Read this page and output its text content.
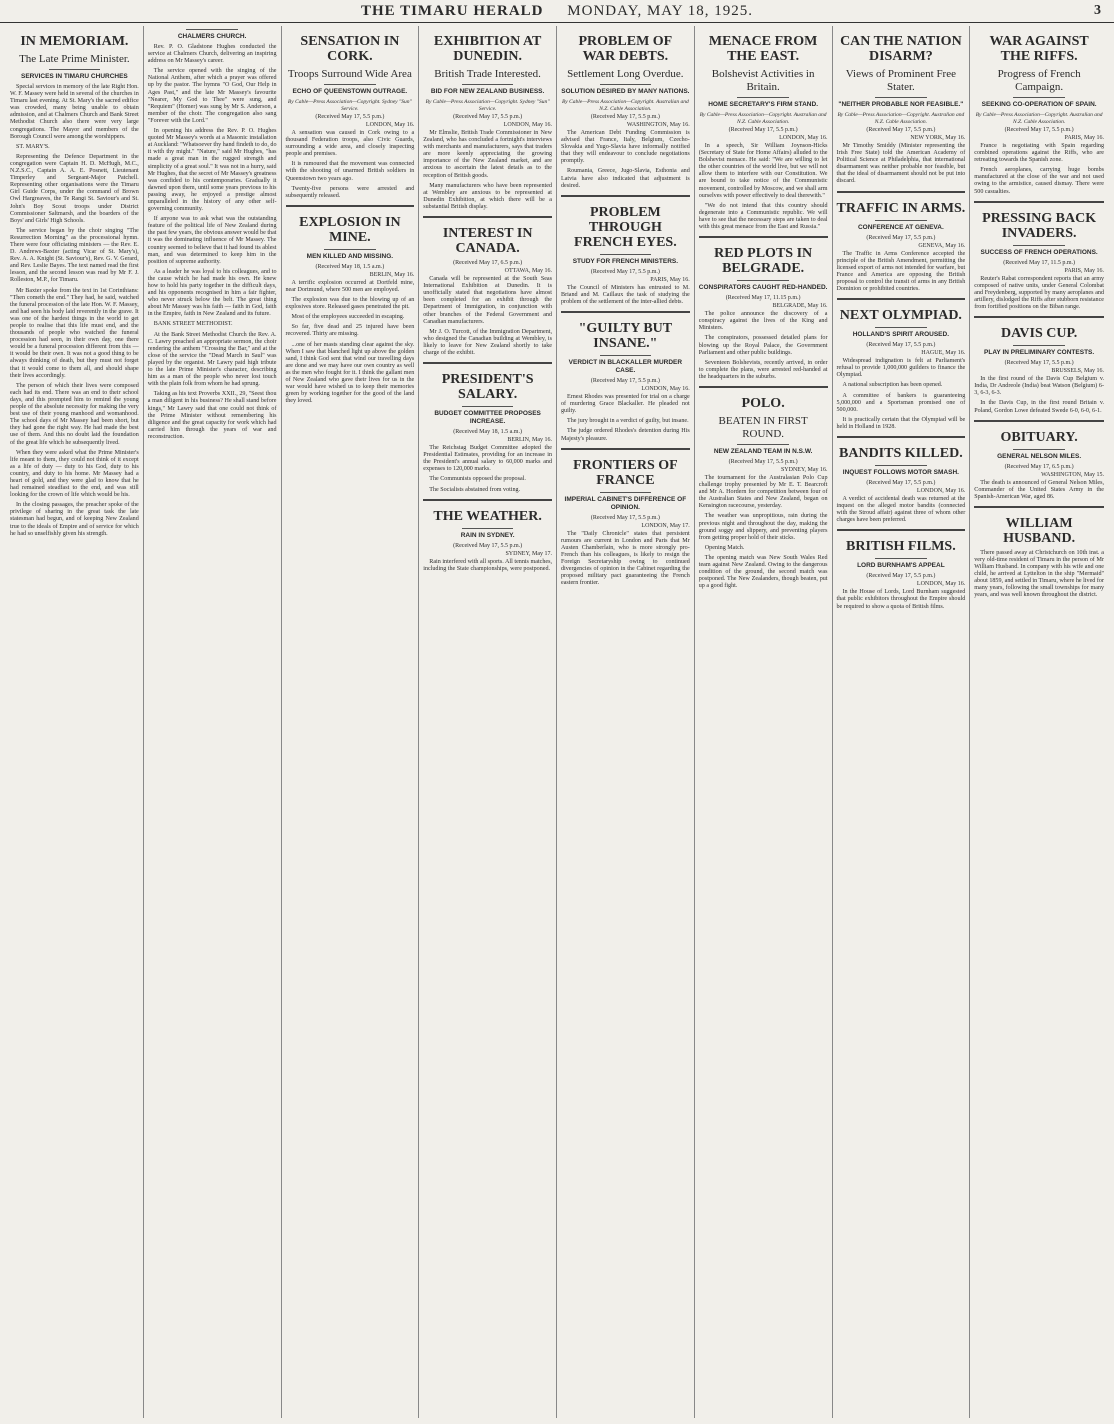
THE TIMARU HERALD MONDAY, MAY 18, 1925.	3
IN MEMORIAM.
The Late Prime Minister.
SERVICES IN TIMARU CHURCHES

Special services in memory of the late Right Hon. W. F. Massey were held in several of the churches in Timaru last evening. At St. Mary's the sacred edifice was crowded, many being unable to obtain admission, and at Chalmers Church and Bank Street Methodist Church also there were very large congregations. The Mayor and members of the Borough Council were among the worshippers.

ST. MARY'S.

Representing the Defence Department in the congregation were Captain H. D. McHugh, M.C., N.Z.S.C., Captain A. A. E. Posnett, Lieutenant Timperley and Sergeant-Major Patchell. Representing other organisations were the Timaru Girl Guide Corps, under the command of Brown Owl Hargreaves, the Te Rangi St. Saviour's and St. John's Boy Scout troops under District Commissioner Saltmarsh, and the boarders of the Boys' and Girls' High Schools.

The service began by the choir singing "The Resurrection Morning" as the processional hymn. There were four officiating ministers — the Rev. E. D. Andrews-Baxter (acting Vicar of St. Mary's), Rev. A. A. Knight (St. Saviour's), Rev. G. V. Gerard, and Rev. Leslie Bayes. The text named read the first lesson, and the second lesson was read by Mr F. J. Rolleston, M.P., for Timaru.

Mr Baxter spoke from the text in 1st Corinthians: "Then cometh the end." They had, he said, watched the funeral procession of the late Hon. W. F. Massey, and had seen his body laid reverently in the grave. It was one of the hardest things in the world to get people to realise that this life must end, and the thousands of people who watched the funeral procession had seen, in their own day, one there would be a funeral procession different from this — it would be their own. It was not a good thing to be always thinking of death, but they must not forget that it would come to them all, and should shape their lives accordingly.

The person of which their lives were composed each had its end. There was an end to their school days, and this prompted him to remind the young people of the absolute necessity for making the very best use of their young manhood and womanhood. The school days of Mr Massey had been short, but they had gone the right way. He had made the best use of them. And this no doubt laid the foundation of the great life which he subsequently lived.

When they were asked what the Prime Minister's life meant to them, they could not think of it except as a life of duty — duty to his God, duty to his country, and duty to his home. Mr Massey had a heart of gold, and they were glad to know that he had remained steadfast to the end, and was still looking for the crown of life which would be his.

In the closing passages, the preacher spoke of the privilege of sharing in the great task the late statesman had begun, and of keeping New Zealand true to the ideals of Empire and of service for which he had so unselfishly given his strength.

CHALMERS CHURCH.

Rev. P. O. Gladstone Hughes conducted the service at Chalmers Church, delivering an inspiring address on Mr Massey's career.

The service opened with the singing of the National Anthem, after which a prayer was offered up by the pastor. The hymns "O God, Our Help in Ages Past," and the late Mr Massey's favourite "Nearer, My God to Thee" were sung, and "Requiem" (Homer) was sung by Mr S. Anderson, a member of the choir. The congregation also sang "Forever with the Lord."

In opening his address the Rev. P. O. Hughes quoted Mr Massey's words at a Masonic installation at Auckland: "Whatsoever thy hand findeth to do, do it with thy might." "Nature," said Mr Hughes, "has made a great man in the rugged strength and simplicity of a great soul." It was not in a hurry, said Mr Hughes, that the secret of Mr Massey's greatness was confided to his contemporaries. Gradually it dawned upon them, until some years previous to his passing away, he enjoyed a prestige almost unparalleled in the history of any other self-governing community.

If anyone was to ask what was the outstanding feature of the political life of New Zealand during the past few years, the obvious answer would be that it was the dominating influence of Mr Massey. The country seemed to believe that it had found its ablest man, and was determined to keep him in the position of supreme authority.

As a leader he was loyal to his colleagues, and to the cause which he had made his own. He knew how to hold his party together in the difficult days, and his opponents recognised in him a fair fighter, who never struck below the belt. The great thing about Mr Massey was his faith — faith in God, faith in the Empire, faith in New Zealand and its future.

BANK STREET METHODIST.

At the Bank Street Methodist Church the Rev. A. C. Lawry preached an appropriate sermon, the choir rendering the anthem "Crossing the Bar," and at the close of the service the "Dead March in Saul" was played by the organist. Mr Lawry paid high tribute to the late Prime Minister's character, describing him as a man of the people who never lost touch with the plain folk from whom he had sprung.

Taking as his text Proverbs XXII., 29, "Seest thou a man diligent in his business? He shall stand before kings," Mr Lawry said that one could not think of the Prime Minister without remembering his diligence and the great capacity for work which had carried him through the years of war and reconstruction.

SENSATION IN CORK.
Troops Surround Wide Area
ECHO OF QUEENSTOWN OUTRAGE.
By Cable—Press Association—Copyright. Sydney "Sun" Service.
(Received May 17, 5.5 p.m.)
LONDON, May 16.

A sensation was caused in Cork owing to a thousand Federation troops, also Civic Guards, surrounding a wide area, and closely inspecting people and premises.

It is rumoured that the movement was connected with the shooting of unarmed British soldiers in Queenstown two years ago.

Twenty-five persons were arrested and subsequently released.

EXPLOSION IN MINE.
MEN KILLED AND MISSING.
(Received May 18, 1.5 a.m.)
BERLIN, May 16.

A terrific explosion occurred at Dortfeld mine, near Dortmund, where 500 men are employed.

The explosion was due to the blowing up of an explosives store. Released gases penetrated the pit.

Most of the employees succeeded in escaping.

So far, five dead and 25 injured have been recovered. Thirty are missing.

...one of her masts standing clear against the sky. When I saw that blanched light up above the golden sand, I think God sent that wind our travelling days are done and we may have our own country as well as the men who fought for it. I think the gallant men of New Zealand who gave their lives for us in the war would have wished us to keep their memories green by working together for the good of the land they loved.

EXHIBITION AT DUNEDIN.
British Trade Interested.
BID FOR NEW ZEALAND BUSINESS.
By Cable—Press Association—Copyright. Sydney "Sun" Service.
(Received May 17, 5.5 p.m.)
LONDON, May 16.

Mr Elmslie, British Trade Commissioner in New Zealand, who has concluded a fortnight's interviews with merchants and manufacturers, says that traders are more keenly appreciating the growing importance of the New Zealand market, and are anxious to ascertain the latest details as to the reception of British goods.

Many manufacturers who have been represented at Wembley are anxious to be represented at Dunedin Exhibition, at which there will be a substantial British display.

INTEREST IN CANADA.
(Received May 17, 6.5 p.m.)
OTTAWA, May 16.

Canada will be represented at the South Seas International Exhibition at Dunedin. It is unofficially stated that negotiations have almost been completed for an exhibit through the Department of Immigration, in conjunction with other branches of the Federal Government and Canadian manufacturers.

Mr J. O. Turcott, of the Immigration Department, who designed the Canadian building at Wembley, is likely to leave for New Zealand shortly to take charge of the exhibit.

PRESIDENT'S SALARY.
BUDGET COMMITTEE PROPOSES INCREASE.
(Received May 18, 1.5 a.m.)
BERLIN, May 16.

The Reichstag Budget Committee adopted the Presidential Estimates, providing for an increase in the President's annual salary to 60,000 marks and expenses to 120,000 marks.

The Communists opposed the proposal.

The Socialists abstained from voting.

THE WEATHER.
RAIN IN SYDNEY.
(Received May 17, 5.5 p.m.)
SYDNEY, May 17.

Rain interfered with all sports. All tennis matches, including the State championships, were postponed.

PROBLEM OF WAR DEBTS.
Settlement Long Overdue.
SOLUTION DESIRED BY MANY NATIONS.
By Cable—Press Association—Copyright. Australian and N.Z. Cable Association.
(Received May 17, 5.5 p.m.)
WASHINGTON, May 16.

The American Debt Funding Commission is advised that France, Italy, Belgium, Czecho-Slovakia and Yugo-Slavia have informally notified that they will endeavour to conclude negotiations promptly.

Roumania, Greece, Jugo-Slavia, Esthonia and Latvia have also indicated that adjustment is desired.

PROBLEM THROUGH FRENCH EYES.
STUDY FOR FRENCH MINISTERS.
(Received May 17, 5.5 p.m.)
PARIS, May 16.

The Council of Ministers has entrusted to M. Briand and M. Caillaux the task of studying the problem of the settlement of the inter-allied debts.

"GUILTY BUT INSANE."
VERDICT IN BLACKALLER MURDER CASE.
(Received May 17, 5.5 p.m.)
LONDON, May 16.

Ernest Rhodes was presented for trial on a charge of murdering Grace Blackaller. He pleaded not guilty.

The jury brought in a verdict of guilty, but insane.

The judge ordered Rhodes's detention during His Majesty's pleasure.

FRONTIERS OF FRANCE
IMPERIAL CABINET'S DIFFERENCE OF OPINION.
(Received May 17, 5.5 p.m.)
LONDON, May 17.

The "Daily Chronicle" states that persistent rumours are current in London and Paris that Mr Austen Chamberlain, who is more strongly pro-French than his colleagues, is likely to resign the Foreign Secretaryship owing to continued divergencies of opinion in the Cabinet regarding the proposed military pact guaranteeing the French eastern frontier.

MENACE FROM THE EAST.
Bolshevist Activities in Britain.
HOME SECRETARY'S FIRM STAND.
By Cable—Press Association—Copyright. Australian and N.Z. Cable Association.
(Received May 17, 5.5 p.m.)
LONDON, May 16.

In a speech, Sir William Joynson-Hicks (Secretary of State for Home Affairs) alluded to the Bolshevist menace. He said: "We are willing to let the other countries of the world live, but we will not allow them to interfere with our Constitution. We are bound to take notice of the Communistic movement, controlled by Moscow, and we shall arm ourselves with power effectively to deal therewith."

"We do not intend that this country should degenerate into a Communistic republic. We will have to see that the necessary steps are taken to deal with this great menace from the East and Russia."

RED PLOTS IN BELGRADE.
CONSPIRATORS CAUGHT RED-HANDED.
(Received May 17, 11.15 p.m.)
BELGRADE, May 16.

The police announce the discovery of a conspiracy against the lives of the King and Ministers.

The conspirators, possessed detailed plans for blowing up the Royal Palace, the Government Parliament and other public buildings.

Seventeen Bolshevists, recently arrived, in order to complete the plans, were arrested red-handed at the headquarters in the suburbs.

POLO.
BEATEN IN FIRST ROUND.
NEW ZEALAND TEAM IN N.S.W.
(Received May 17, 5.5 p.m.)
SYDNEY, May 16.

The tournament for the Australasian Polo Cup challenge trophy presented by Mr E. T. Bearcroft and Mr A. Hordern for competition between four of the Australian States and New Zealand, began on Kensington racecourse, yesterday.

The weather was unpropitious, rain during the previous night and throughout the day, making the ground soggy and slippery, and preventing players from getting proper hold of their sticks.

Opening Match.

The opening match was New South Wales Red team against New Zealand. Owing to the dangerous condition of the ground, the second match was postponed. The New Zealanders, though beaten, put up a good fight.

CAN THE NATION DISARM?
Views of Prominent Free Stater.
"NEITHER PROBABLE NOR FEASIBLE."
By Cable—Press Association—Copyright. Australian and N.Z. Cable Association.
(Received May 17, 5.5 p.m.)
NEW YORK, May 16.

Mr Timothy Smiddy (Minister representing the Irish Free State) told the American Academy of Political Science at Philadelphia, that international disarmament was neither probable nor feasible, but that the ideal of disarmament should not be put into discard.

TRAFFIC IN ARMS.
CONFERENCE AT GENEVA.
(Received May 17, 5.5 p.m.)
GENEVA, May 16.

The Traffic in Arms Conference accepted the principle of the British Amendment, permitting the licensed export of arms not intended for warfare, but France and America are opposing the British proposal to control the transit of arms in any British Dominion or prohibited countries.

NEXT OLYMPIAD.
HOLLAND'S SPIRIT AROUSED.
(Received May 17, 5.5 p.m.)
HAGUE, May 16.

Widespread indignation is felt at Parliament's refusal to provide 1,000,000 guilders to finance the Olympiad.

A national subscription has been opened.

A committee of bankers is guaranteeing 5,000,000 and a Sportsman promised one of 500,000.

It is practically certain that the Olympiad will be held in Holland in 1928.

BANDITS KILLED.
INQUEST FOLLOWS MOTOR SMASH.
(Received May 17, 5.5 p.m.)
LONDON, May 16.

A verdict of accidental death was returned at the inquest on the alleged motor bandits (connected with the Stroud affair) against three of whom other charges have been preferred.

BRITISH FILMS.
LORD BURNHAM'S APPEAL
(Received May 17, 5.5 p.m.)
LONDON, May 16.

In the House of Lords, Lord Burnham suggested that public exhibitors throughout the Empire should be required to show a quota of British films.

WAR AGAINST THE RIFFS.
Progress of French Campaign.
SEEKING CO-OPERATION OF SPAIN.
By Cable—Press Association—Copyright. Australian and N.Z. Cable Association.
(Received May 17, 5.5 p.m.)
PARIS, May 16.

France is negotiating with Spain regarding combined operations against the Riffs, who are retreating towards the Spanish zone.

French aeroplanes, carrying huge bombs manufactured at the close of the war and not used owing to the armistice, caused dismay. There were 500 casualties.

PRESSING BACK INVADERS.
SUCCESS OF FRENCH OPERATIONS.
(Received May 17, 11.5 p.m.)
PARIS, May 16.

Reuter's Rabat correspondent reports that an army composed of native units, under General Colombat and Freydenberg, supported by many aeroplanes and artillery, dislodged the Riffs after stubborn resistance from fortified positions on the Biban range.

DAVIS CUP.
PLAY IN PRELIMINARY CONTESTS.
(Received May 17, 5.5 p.m.)
BRUSSELS, May 16.

In the first round of the Davis Cup Belgium v. India, Dr Andreole (India) beat Watson (Belgium) 6-3, 6-3, 6-3.

In the Davis Cup, in the first round Britain v. Poland, Gordon Lowe defeated Swede 6-0, 6-0, 6-1.

OBITUARY.
GENERAL NELSON MILES.
(Received May 17, 6.5 p.m.)
WASHINGTON, May 15.

The death is announced of General Nelson Miles, Commander of the United States Army in the Spanish-American War, aged 86.

WILLIAM HUSBAND.

There passed away at Christchurch on 10th inst. a very old-time resident of Timaru in the person of Mr William Husband. In company with his wife and one child, he arrived at Lyttelton in the ship "Mermaid" about 1859, and settled in Timaru, where he lived for many years, following the small townships for many years, and was well known throughout the district.
